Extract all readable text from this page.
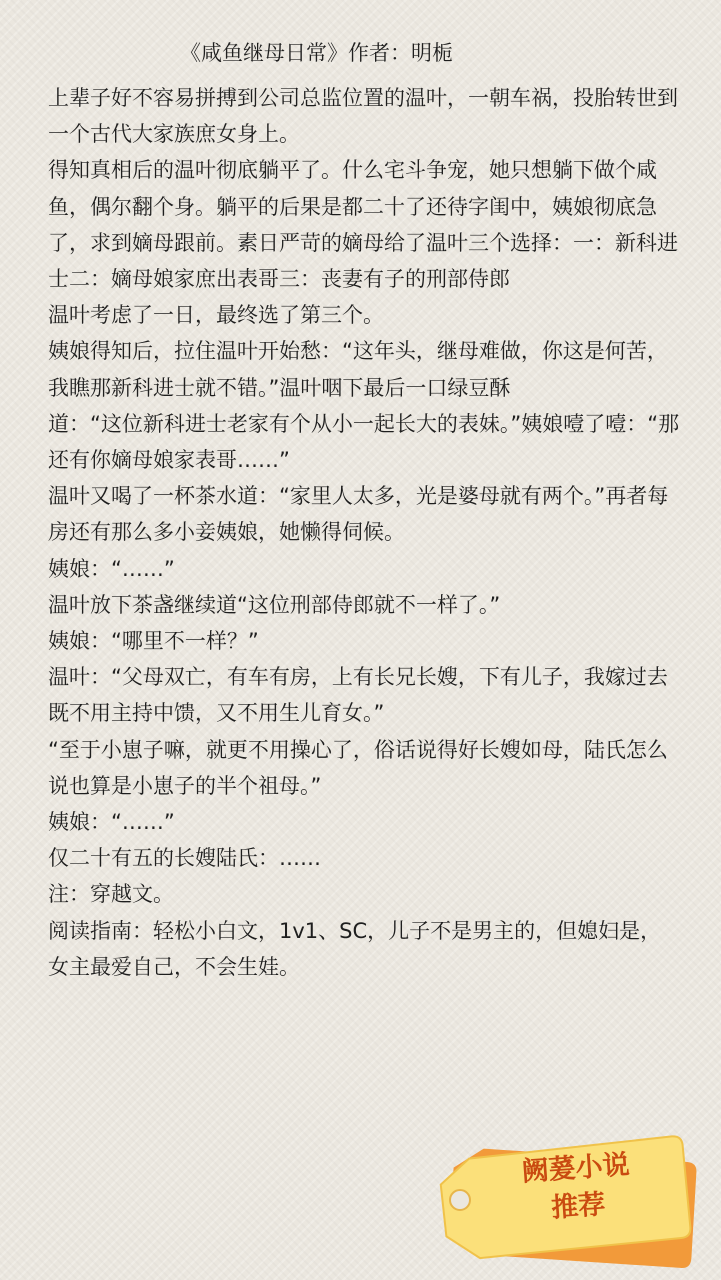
《咸鱼继母日常》作者：明栀

上辈子好不容易拼搏到公司总监位置的温叶，一朝车祸，投胎转世到一个古代大家族庶女身上。

得知真相后的温叶彻底躺平了。什么宅斗争宠，她只想躺下做个咸鱼，偶尔翻个身。躺平的后果是都二十了还待字闺中，姨娘彻底急了，求到嫡母跟前。素日严苛的嫡母给了温叶三个选择：一：新科进士二：嫡母娘家庶出表哥三：丧妻有子的刑部侍郎

温叶考虑了一日，最终选了第三个。

姨娘得知后，拉住温叶开始愁：“这年头，继母难做，你这是何苦，我瞧那新科进士就不错。”温叶咽下最后一口绿豆酥

道：“这位新科进士老家有个从小一起长大的表妹。”姨娘噎了噎：“那还有你嫡母娘家表哥……”

温叶又喝了一杯茶水道：“家里人太多，光是婆母就有两个。”再者每房还有那么多小妾姨娘，她懒得伺候。

姨娘：“……”

温叶放下茶盏继续道“这位刑部侍郎就不一样了。”

姨娘：“哪里不一样？”

温叶：“父母双亡，有车有房，上有长兄长嫂，下有儿子，我嫁过去既不用主持中馈，又不用生儿育女。”

“至于小崽子嘛，就更不用操心了，俗话说得好长嫂如母，陆氏怎么说也算是小崽子的半个祖母。”

姨娘：“……”

仅二十有五的长嫂陆氏：……

注：穿越文。

阅读指南：轻松小白文，1v1、SC，儿子不是男主的，但媳妇是，女主最爱自己，不会生娃。

阙萲小说
推荐
